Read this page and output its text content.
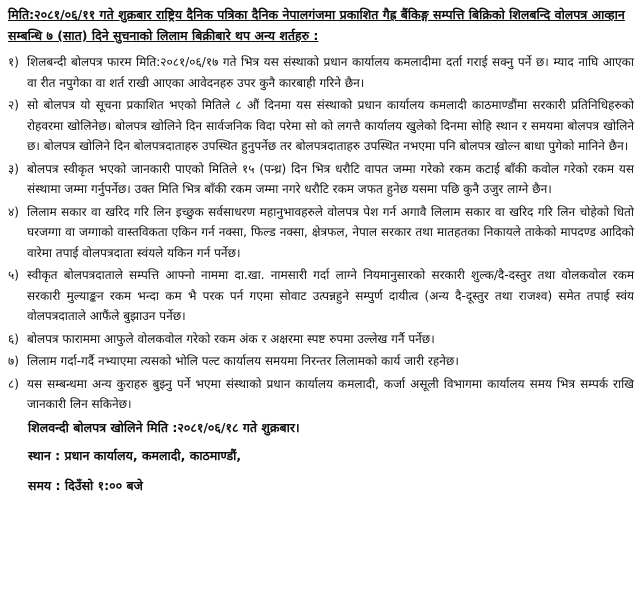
मिति:२०८१/०६/११ गते शुक्रबार राष्ट्रिय दैनिक पत्रिका दैनिक नेपालगंजमा प्रकाशित गैह्र बैंकिङ्ग सम्पत्ति बिक्रिको शिलबन्दि वोलपत्र आव्हान
सम्बन्धि ७ (सात) दिने सुचनाको लिलाम बिक्रीबारे थप अन्य शर्तहरु :

१) शिलबन्दी बोलपत्र फारम मिति:२०८१/०६/१७ गते भित्र यस संस्थाको प्रधान कार्यालय कमलादीमा दर्ता गराई सक्नु पर्ने छ। म्याद नाघि आएका वा रीत नपुगेका वा शर्त राखी आएका आवेदनहरु उपर कुनै कारबाही गरिने छैन।
२) सो बोलपत्र यो सूचना प्रकाशित भएको मितिले ८ औं दिनमा यस संस्थाको प्रधान कार्यालय कमलादी काठमाण्डौंमा सरकारी प्रतिनिधिहरुको रोहवरमा खोलिनेछ। बोलपत्र खोलिने दिन सार्वजनिक विदा परेमा सो को लगत्तै कार्यालय खुलेको दिनमा सोहि स्थान र समयमा बोलपत्र खोलिने छ। बोलपत्र खोलिने दिन बोलपत्रदाताहरु उपस्थित हुनुपर्नेछ तर बोलपत्रदाताहरु उपस्थित नभएमा पनि बोलपत्र खोल्न बाधा पुगेको मानिने छैन।
३) बोलपत्र स्वीकृत भएको जानकारी पाएको मितिले १५ (पन्ध्र) दिन भित्र धरौटि वापत जम्मा गरेको रकम कटाई बाँकी कवोल गरेको रकम यस संस्थामा जम्मा गर्नुपर्नेछ। उक्त मिति भित्र बाँकी रकम जम्मा नगरे धरौटि रकम जफत हुनेछ यसमा पछि कुनै उजुर लाग्ने छैन।
४) लिलाम सकार वा खरिद गरि लिन इच्छुक सर्वसाधरण महानुभावहरुले वोलपत्र पेश गर्न अगावै लिलाम सकार वा खरिद गरि लिन चोहेको धितो घरजग्गा वा जग्गाको वास्तविकता एकिन गर्न नक्सा, फिल्ड नक्सा, क्षेत्रफल, नेपाल सरकार तथा मातहतका निकायले ताकेको मापदण्ड आदिको वारेमा तपाई वोलपत्रदाता स्वंयले यकिन गर्न पर्नेछ।
५) स्वीकृत बोलपत्रदाताले सम्पत्ति आफ्नो नाममा दा.खा. नामसारी गर्दा लाग्ने नियमानुसारको सरकारी शुल्क/दै-दस्तुर तथा वोलकवोल रकम सरकारी मुल्याङ्कन रकम भन्दा कम भै परक पर्न गएमा सोवाट उत्पन्नहुने सम्पुर्ण दायीत्व (अन्य दै-दूस्तुर तथा राजश्व) समेत तपाई स्वंय वोलपत्रदाताले आफैंले बुझाउन पर्नेछ।
६) बोलपत्र फाराममा आफुले वोलकवोल गरेको रकम अंक र अक्षरमा स्पष्ट रुपमा उल्लेख गर्नै पर्नेछ।
७) लिलाम गर्दा-गर्दै नभ्याएमा त्यसको भोलि पल्ट कार्यालय समयमा निरन्तर लिलामको कार्य जारी रहनेछ।
८) यस सम्बन्धमा अन्य कुराहरु बुझ्नु पर्ने भएमा संस्थाको प्रधान कार्यालय कमलादी, कर्जा असूली विभागमा कार्यालय समय भित्र सम्पर्क राखि जानकारी लिन सकिनेछ।

शिलवन्दी बोलपत्र खोलिने मिति :२०८१/०६/१८ गते शुक्रबार।

स्थान : प्रधान कार्यालय, कमलादी, काठमाण्डौं,

समय : दिउँसो १:०० बजे
